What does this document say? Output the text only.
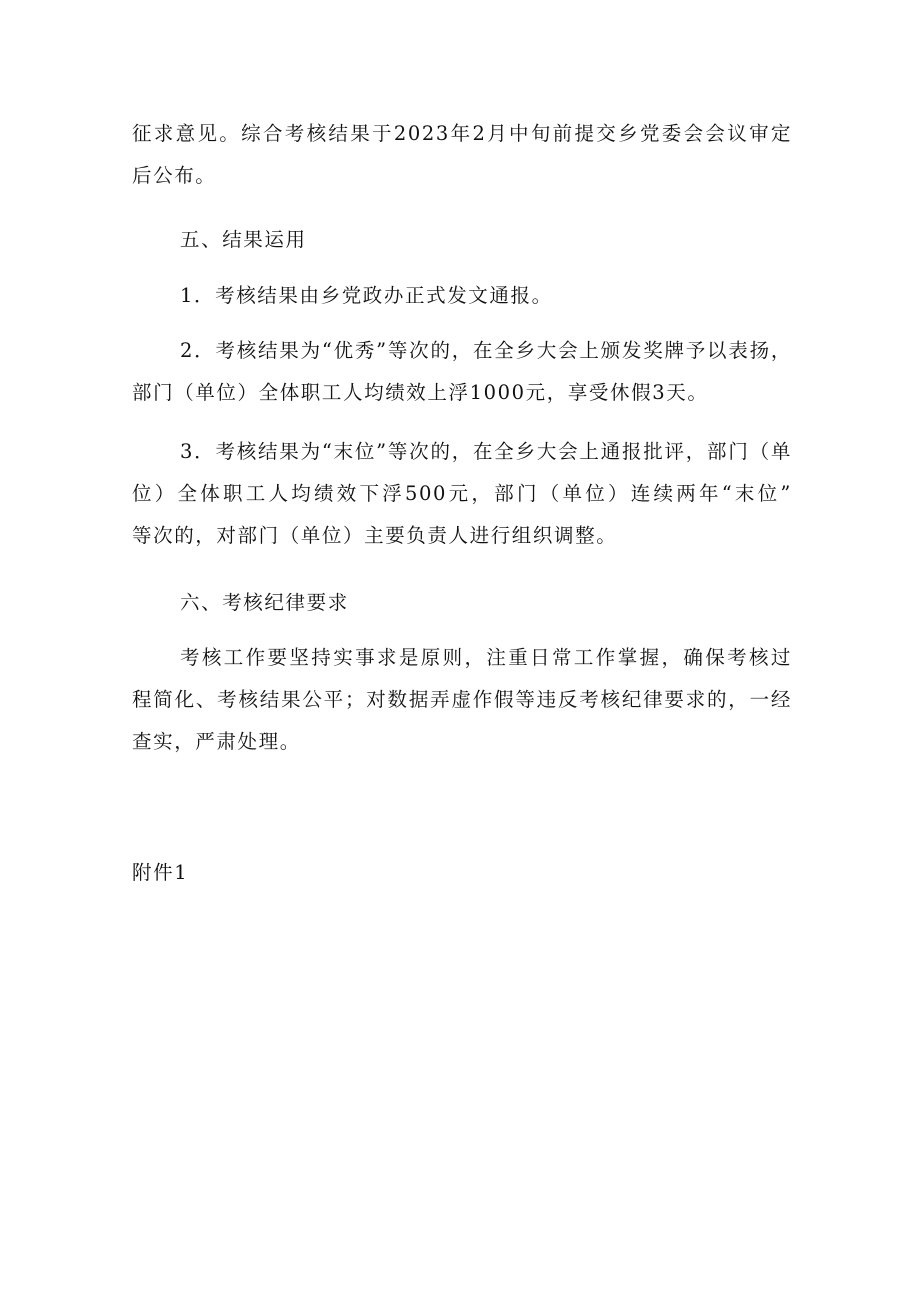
征求意见。综合考核结果于2023年2月中旬前提交乡党委会会议审定
后公布。

五、结果运用

1．考核结果由乡党政办正式发文通报。

2．考核结果为“优秀”等次的，在全乡大会上颁发奖牌予以表扬，
部门（单位）全体职工人均绩效上浮1000元，享受休假3天。

3．考核结果为“末位”等次的，在全乡大会上通报批评，部门（单
位）全体职工人均绩效下浮500元，部门（单位）连续两年“末位”
等次的，对部门（单位）主要负责人进行组织调整。

六、考核纪律要求

考核工作要坚持实事求是原则，注重日常工作掌握，确保考核过
程简化、考核结果公平；对数据弄虚作假等违反考核纪律要求的，一经
查实，严肃处理。

附件1
